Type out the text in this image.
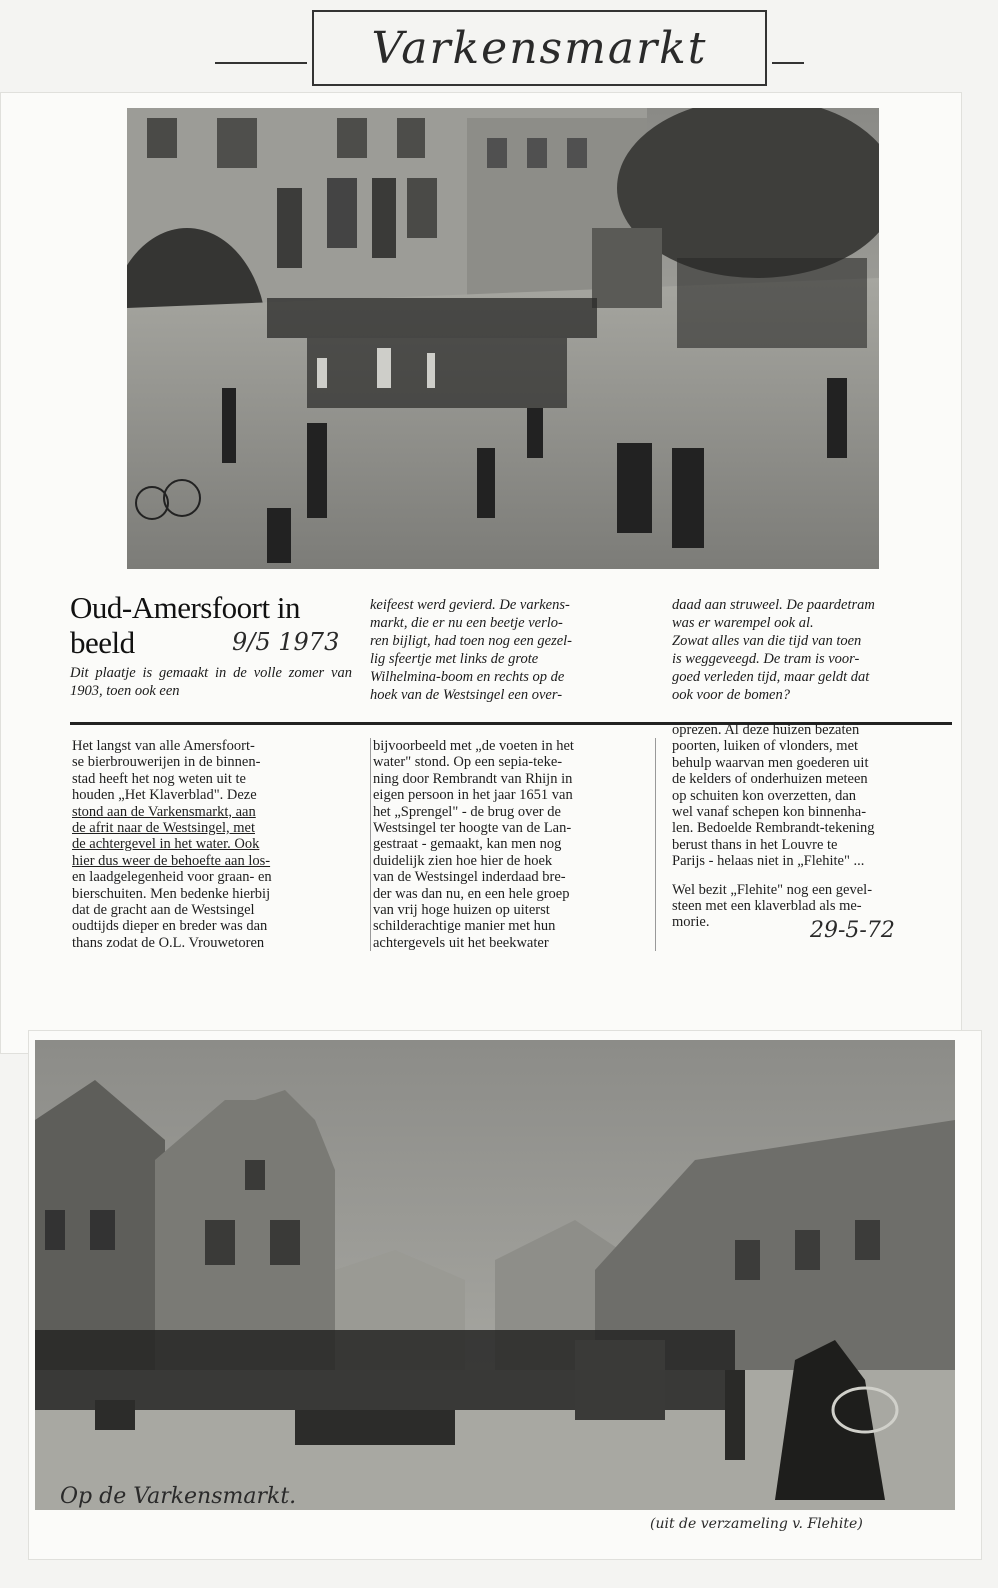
Varkensmarkt
Oud-Amersfoort in beeld	9/5 1973
Dit plaatje is gemaakt in de volle zomer van 1903, toen ook een
keifeest werd gevierd. De varkens-
markt, die er nu een beetje verlo-
ren bijligt, had toen nog een gezel-
lig sfeertje met links de grote
Wilhelmina-boom en rechts op de
hoek van de Westsingel een over-
daad aan struweel. De paardetram
was er warempel ook al.
Zowat alles van die tijd van toen
is weggeveegd. De tram is voor-
goed verleden tijd, maar geldt dat
ook voor de bomen?
Het langst van alle Amersfoort-
se bierbrouwerijen in de binnen-
stad heeft het nog weten uit te
houden „Het Klaverblad". Deze
stond aan de Varkensmarkt, aan
de afrit naar de Westsingel, met
de achtergevel in het water. Ook
hier dus weer de behoefte aan los-
en laadgelegenheid voor graan- en
bierschuiten. Men bedenke hierbij
dat de gracht aan de Westsingel
oudtijds dieper en breder was dan
thans zodat de O.L. Vrouwetoren
bijvoorbeeld met „de voeten in het
water" stond. Op een sepia-teke-
ning door Rembrandt van Rhijn in
eigen persoon in het jaar 1651 van
het „Sprengel" - de brug over de
Westsingel ter hoogte van de Lan-
gestraat - gemaakt, kan men nog
duidelijk zien hoe hier de hoek
van de Westsingel inderdaad bre-
der was dan nu, en een hele groep
van vrij hoge huizen op uiterst
schilderachtige manier met hun
achtergevels uit het beekwater
oprezen. Al deze huizen bezaten
poorten, luiken of vlonders, met
behulp waarvan men goederen uit
de kelders of onderhuizen meteen
op schuiten kon overzetten, dan
wel vanaf schepen kon binnenha-
len. Bedoelde Rembrandt-tekening
berust thans in het Louvre te
Parijs - helaas niet in „Flehite" ...
Wel bezit „Flehite" nog een gevel-
steen met een klaverblad als me-
morie.	29-5-72
Op de Varkensmarkt.
(uit de verzameling v. Flehite)
